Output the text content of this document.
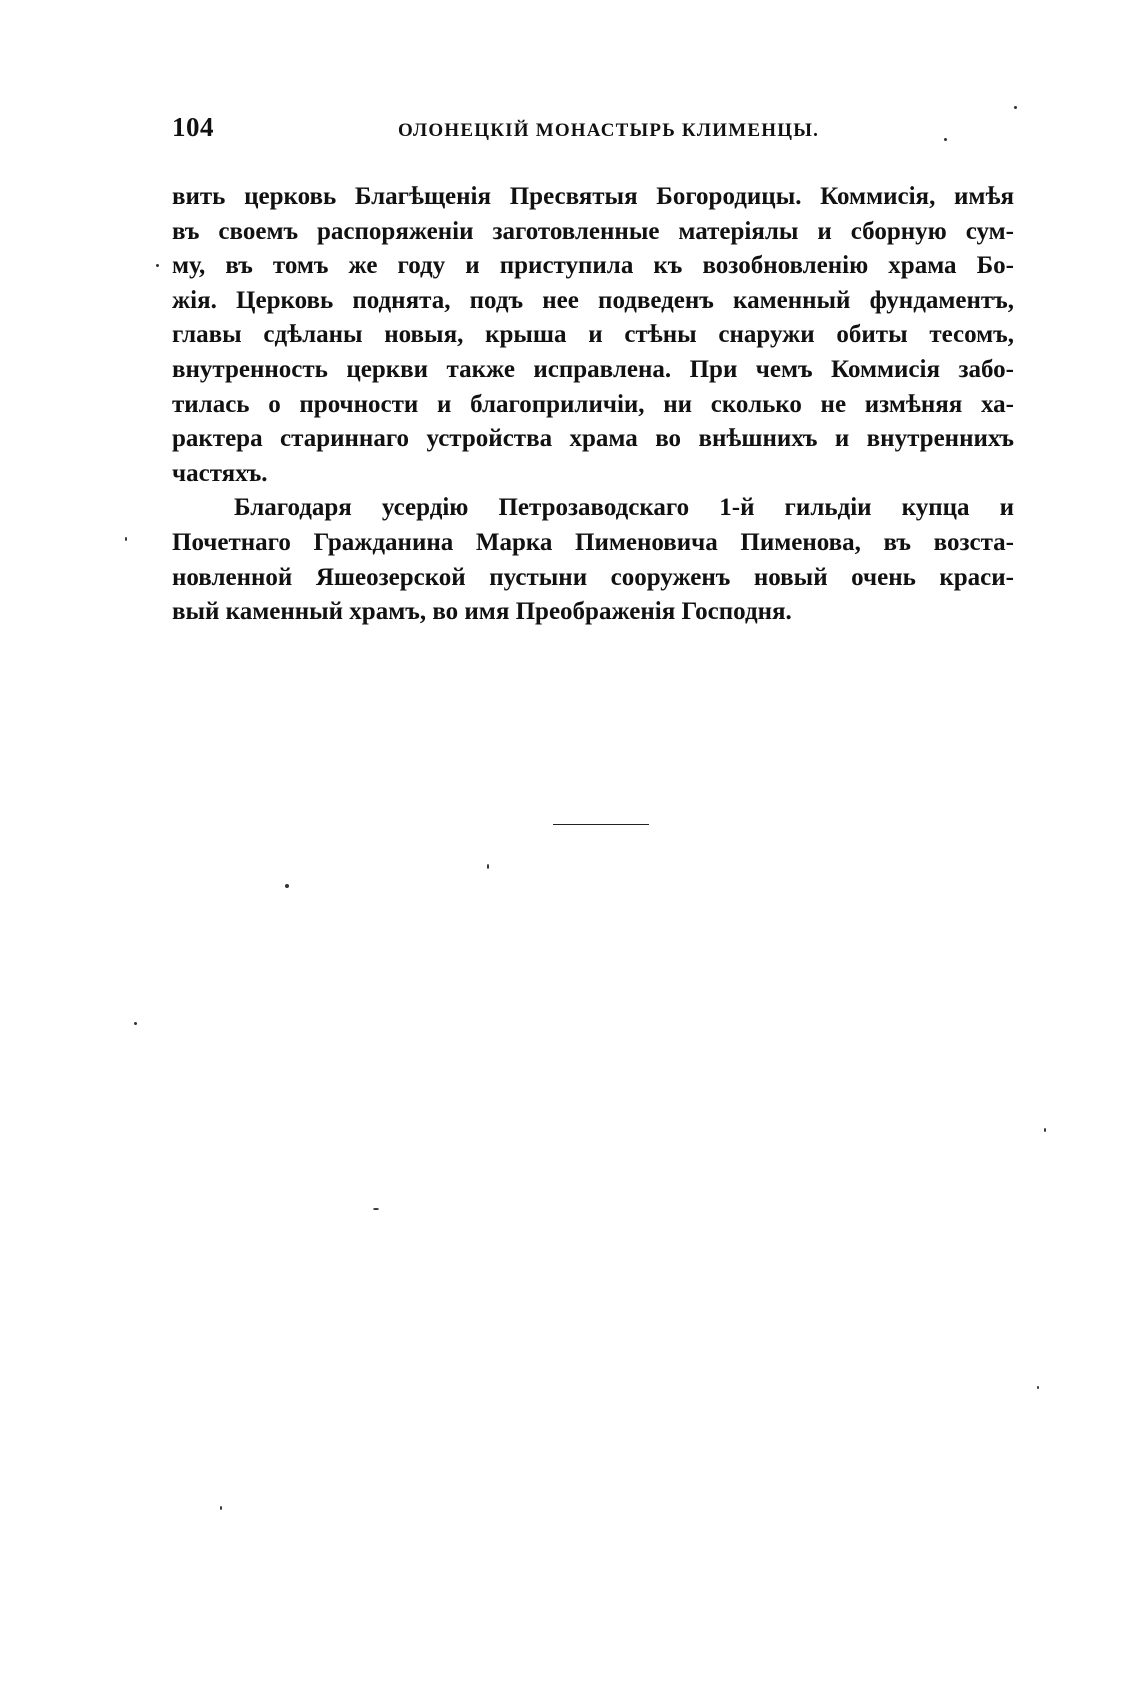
104	ОЛОНЕЦКІЙ МОНАСТЫРЬ КЛИМЕНЦЫ.
вить церковь Благѣщенія Пресвятыя Богородицы. Коммисія, имѣя
въ своемъ распоряженіи заготовленные матеріялы и сборную сум-
му, въ томъ же году и приступила къ возобновленію храма Бо-
жія. Церковь поднята, подъ нее подведенъ каменный фундаментъ,
главы сдѣланы новыя, крыша и стѣны снаружи обиты тесомъ,
внутренность церкви также исправлена. При чемъ Коммисія забо-
тилась о прочности и благоприличіи, ни сколько не измѣняя ха-
рактера стариннаго устройства храма во внѣшнихъ и внутреннихъ
частяхъ.
Благодаря усердію Петрозаводскаго 1-й гильдіи купца и
Почетнаго Гражданина Марка Пименовича Пименова, въ возста-
новленной Яшеозерской пустыни сооруженъ новый очень краси-
вый каменный храмъ, во имя Преображенія Господня.
